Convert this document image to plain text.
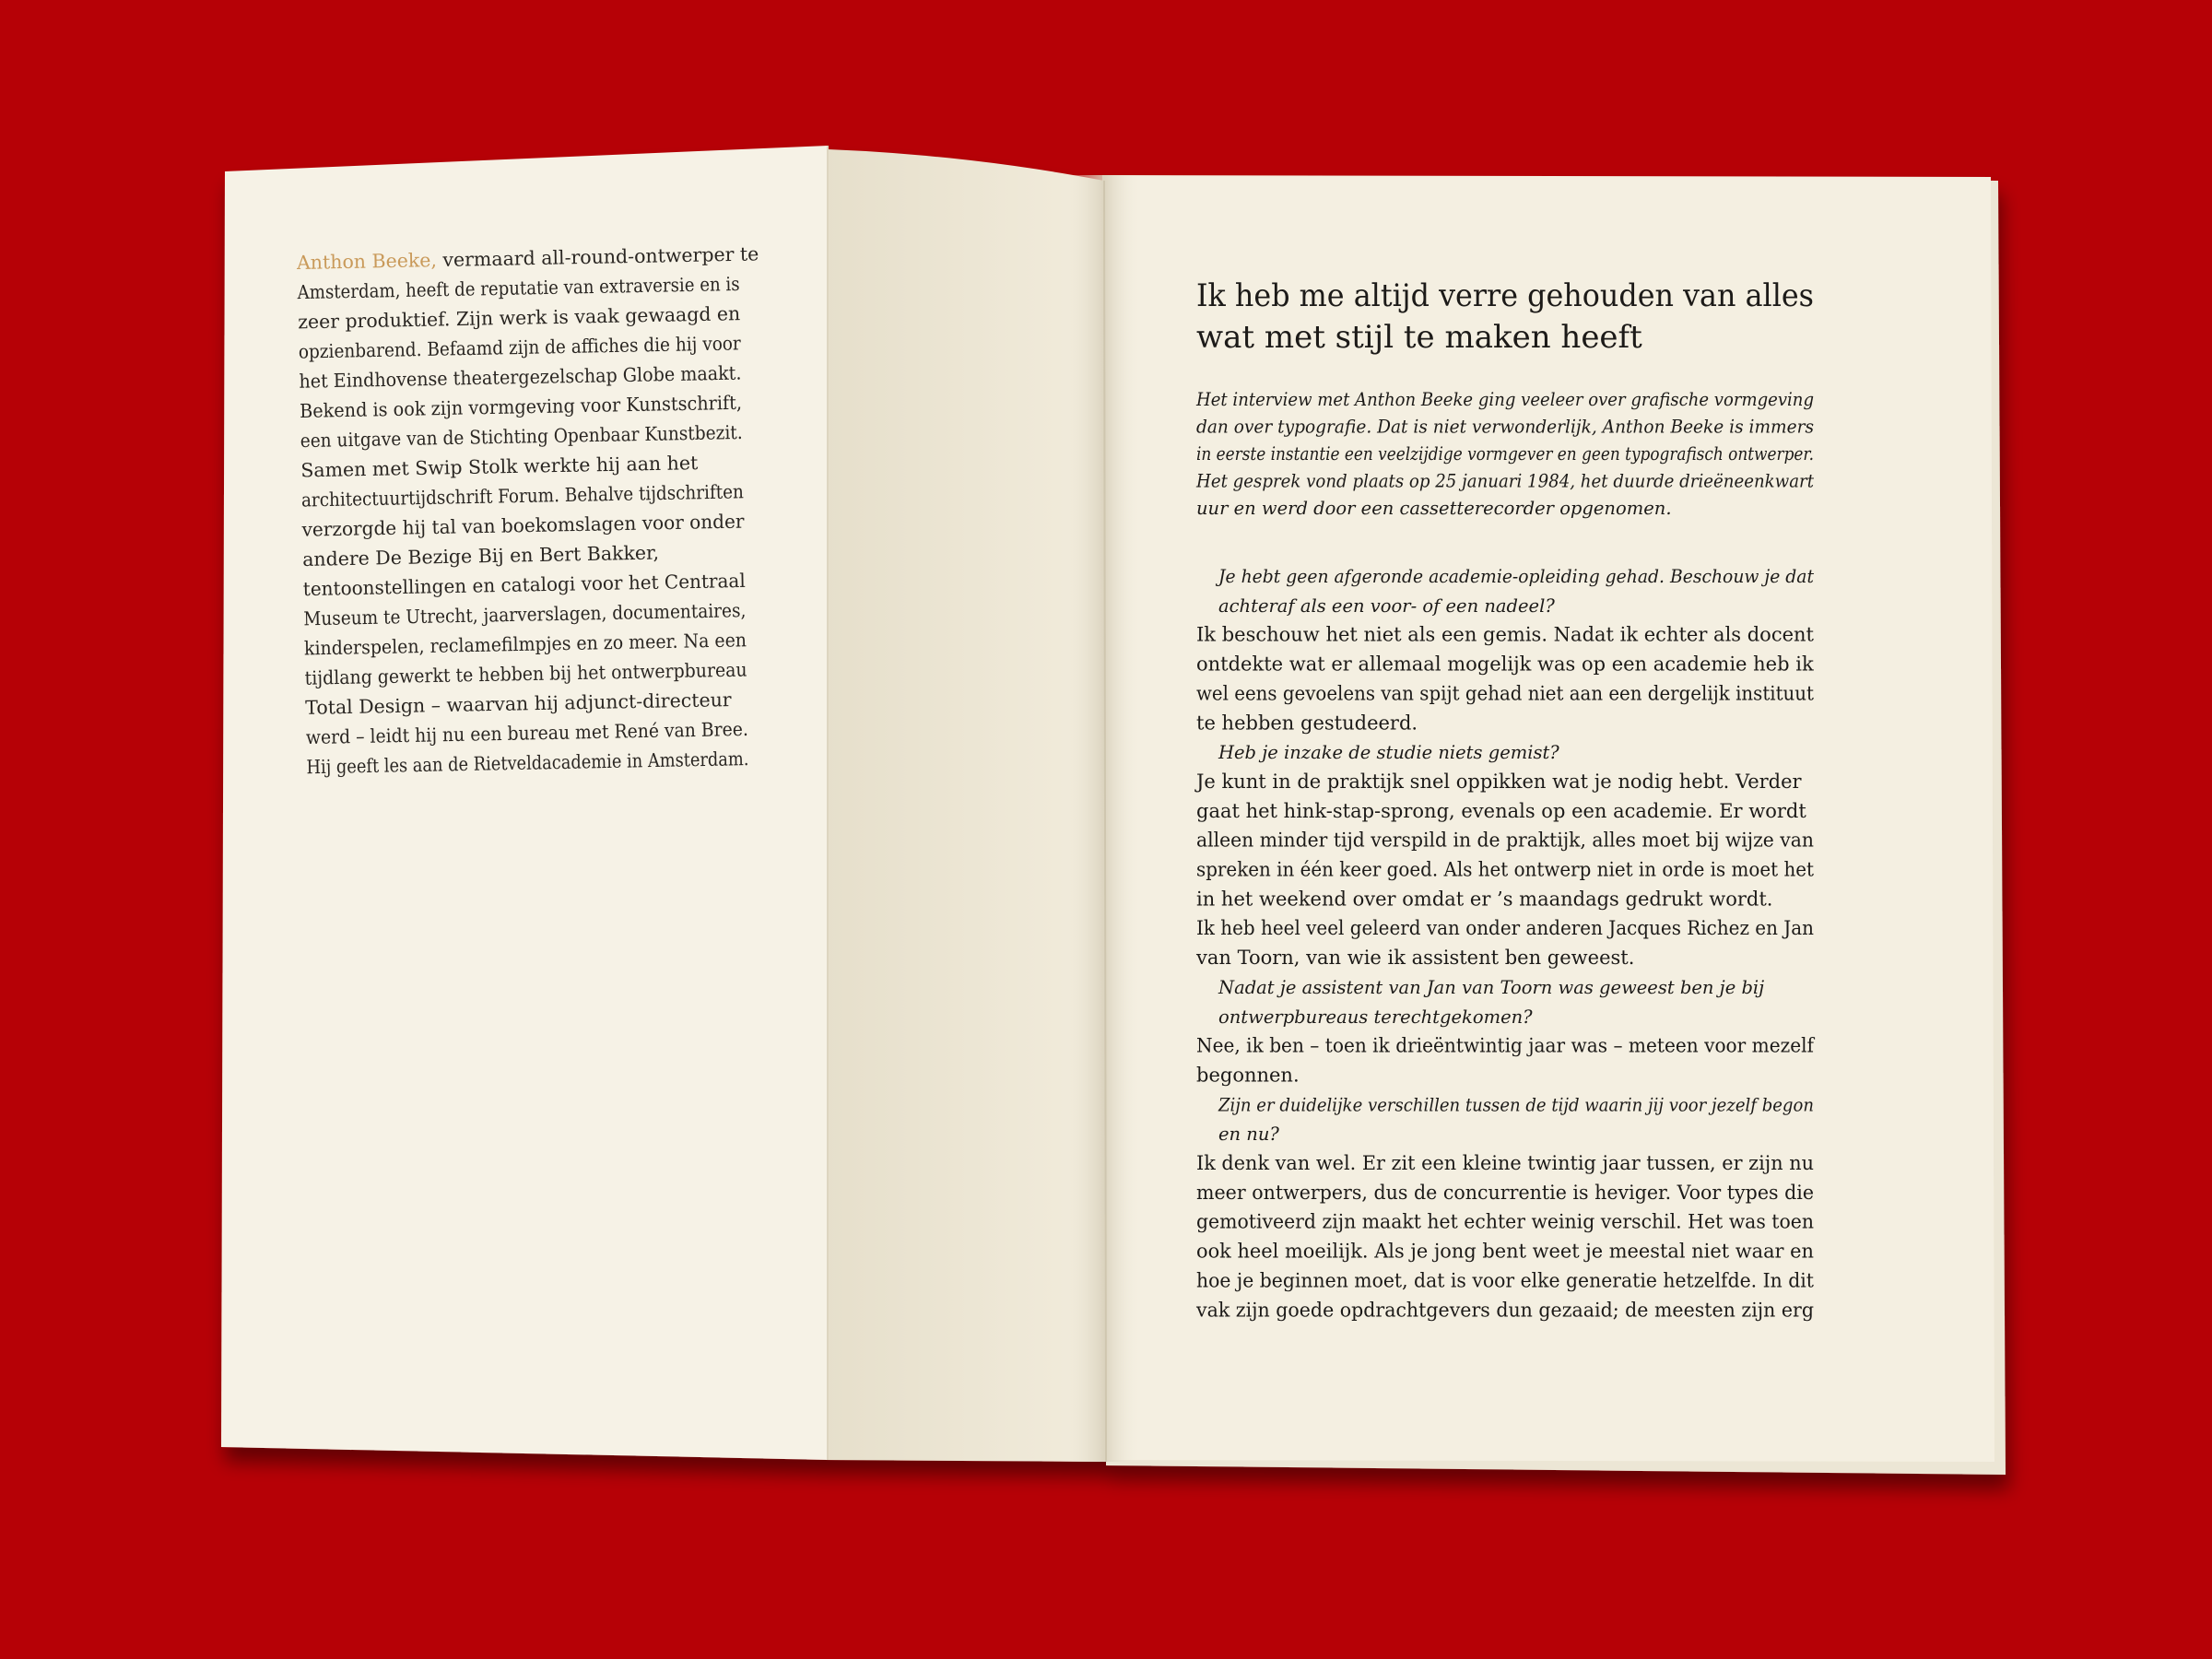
Anthon Beeke, vermaard all-round-ontwerper teAmsterdam, heeft de reputatie van extraversie en iszeer produktief. Zijn werk is vaak gewaagd enopzienbarend. Befaamd zijn de affiches die hij voorhet Eindhovense theatergezelschap Globe maakt.Bekend is ook zijn vormgeving voor Kunstschrift,een uitgave van de Stichting Openbaar Kunstbezit.Samen met Swip Stolk werkte hij aan hetarchitectuurtijdschrift Forum. Behalve tijdschriftenverzorgde hij tal van boekomslagen voor onderandere De Bezige Bij en Bert Bakker,tentoonstellingen en catalogi voor het CentraalMuseum te Utrecht, jaarverslagen, documentaires,kinderspelen, reclamefilmpjes en zo meer. Na eentijdlang gewerkt te hebben bij het ontwerpbureauTotal Design – waarvan hij adjunct-directeurwerd – leidt hij nu een bureau met René van Bree.Hij geeft les aan de Rietveldacademie in Amsterdam.
Ik heb me altijd verre gehouden van alles
wat met stijl te maken heeft
Het interview met Anthon Beeke ging veeleer over grafische vormgeving
dan over typografie. Dat is niet verwonderlijk, Anthon Beeke is immers
in eerste instantie een veelzijdige vormgever en geen typografisch ontwerper.
Het gesprek vond plaats op 25 januari 1984, het duurde drieëneenkwart
uur en werd door een cassetterecorder opgenomen.
Je hebt geen afgeronde academie-opleiding gehad. Beschouw je dat
achteraf als een voor- of een nadeel?
Ik beschouw het niet als een gemis. Nadat ik echter als docent
ontdekte wat er allemaal mogelijk was op een academie heb ik
wel eens gevoelens van spijt gehad niet aan een dergelijk instituut
te hebben gestudeerd.
Heb je inzake de studie niets gemist?
Je kunt in de praktijk snel oppikken wat je nodig hebt. Verder
gaat het hink-stap-sprong, evenals op een academie. Er wordt
alleen minder tijd verspild in de praktijk, alles moet bij wijze van
spreken in één keer goed. Als het ontwerp niet in orde is moet het
in het weekend over omdat er ’s maandags gedrukt wordt.
Ik heb heel veel geleerd van onder anderen Jacques Richez en Jan
van Toorn, van wie ik assistent ben geweest.
Nadat je assistent van Jan van Toorn was geweest ben je bij
ontwerpbureaus terechtgekomen?
Nee, ik ben – toen ik drieëntwintig jaar was – meteen voor mezelf
begonnen.
Zijn er duidelijke verschillen tussen de tijd waarin jij voor jezelf begon
en nu?
Ik denk van wel. Er zit een kleine twintig jaar tussen, er zijn nu
meer ontwerpers, dus de concurrentie is heviger. Voor types die
gemotiveerd zijn maakt het echter weinig verschil. Het was toen
ook heel moeilijk. Als je jong bent weet je meestal niet waar en
hoe je beginnen moet, dat is voor elke generatie hetzelfde. In dit
vak zijn goede opdrachtgevers dun gezaaid; de meesten zijn erg
